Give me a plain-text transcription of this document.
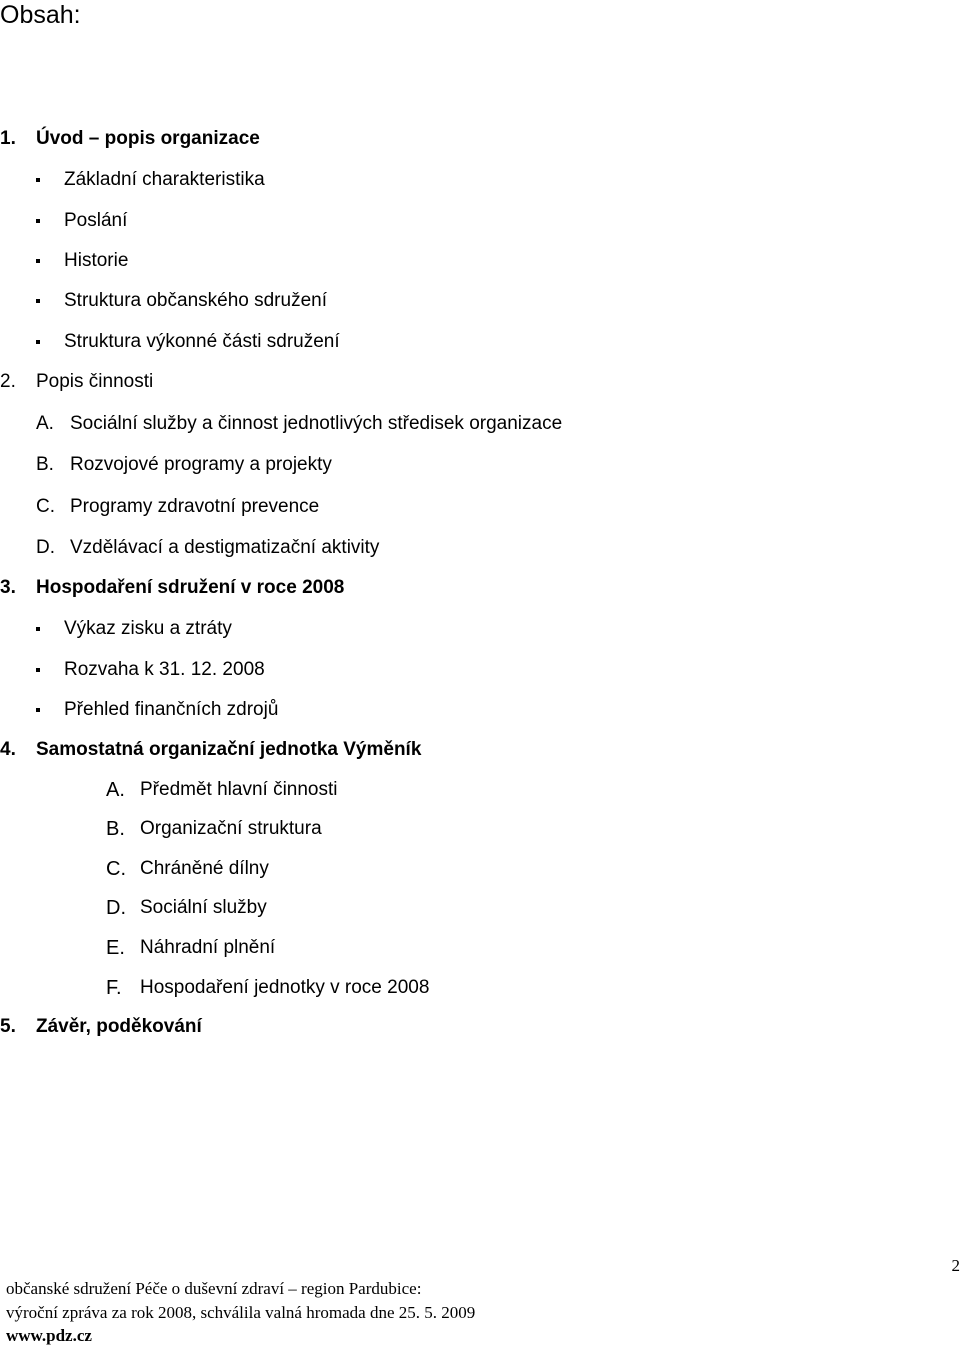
Obsah:
1. Úvod – popis organizace
Základní charakteristika
Poslání
Historie
Struktura občanského sdružení
Struktura výkonné části sdružení
2. Popis činnosti
A. Sociální služby a činnost jednotlivých středisek organizace
B. Rozvojové programy a projekty
C. Programy zdravotní prevence
D. Vzdělávací a destigmatizační aktivity
3. Hospodaření sdružení v roce 2008
Výkaz zisku a ztráty
Rozvaha k 31. 12. 2008
Přehled finančních zdrojů
4. Samostatná organizační jednotka Výměník
A. Předmět hlavní činnosti
B. Organizační struktura
C. Chráněné dílny
D. Sociální služby
E. Náhradní plnění
F. Hospodaření jednotky v roce 2008
5. Závěr, poděkování
2
občanské sdružení Péče o duševní zdraví – region Pardubice:
výroční zpráva za rok 2008, schválila valná hromada dne 25. 5. 2009
www.pdz.cz
